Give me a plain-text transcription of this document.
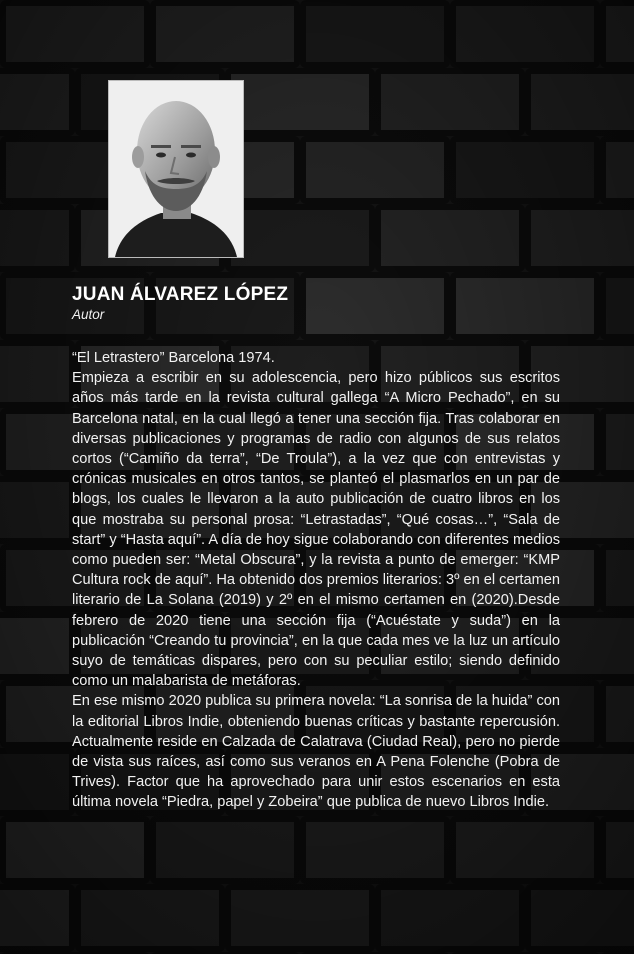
JUAN ÁLVAREZ LÓPEZ

Autor

“El Letrastero” Barcelona 1974.

Empieza a escribir en su adolescencia, pero hizo públicos sus escritos años más tarde en la revista cultural gallega “A Micro Pechado”, en su Barcelona natal, en la cual llegó a tener una sección fija. Tras colaborar en diversas publicaciones y programas de radio con algunos de sus relatos cortos (“Camiño da terra”, “De Troula”), a la vez que con entrevistas y crónicas musicales en otros tantos, se planteó el plasmarlos en un par de blogs, los cuales le llevaron a la auto publicación de cuatro libros en los que mostraba su personal prosa: “Letrastadas”, “Qué cosas…”, “Sala de start” y “Hasta aquí”. A día de hoy sigue colaborando con diferentes medios como pueden ser: “Metal Obscura”, y la revista a punto de emerger: “KMP Cultura rock de aquí”. Ha obtenido dos premios literarios: 3º en el certamen literario de La Solana (2019) y 2º en el mismo certamen en (2020).Desde febrero de 2020 tiene una sección fija (“Acuéstate y suda”) en la publicación “Creando tu provincia”, en la que cada mes ve la luz un artículo suyo de temáticas dispares, pero con su peculiar estilo; siendo definido como un malabarista de metáforas.

En ese mismo 2020 publica su primera novela: “La sonrisa de la huida” con la editorial Libros Indie, obteniendo buenas críticas y bastante repercusión. Actualmente reside en Calzada de Calatrava (Ciudad Real), pero no pierde de vista sus raíces, así como sus veranos en A Pena Folenche (Pobra de Trives). Factor que ha aprovechado para unir estos escenarios en esta última novela “Piedra, papel y Zobeira” que publica de nuevo Libros Indie.
